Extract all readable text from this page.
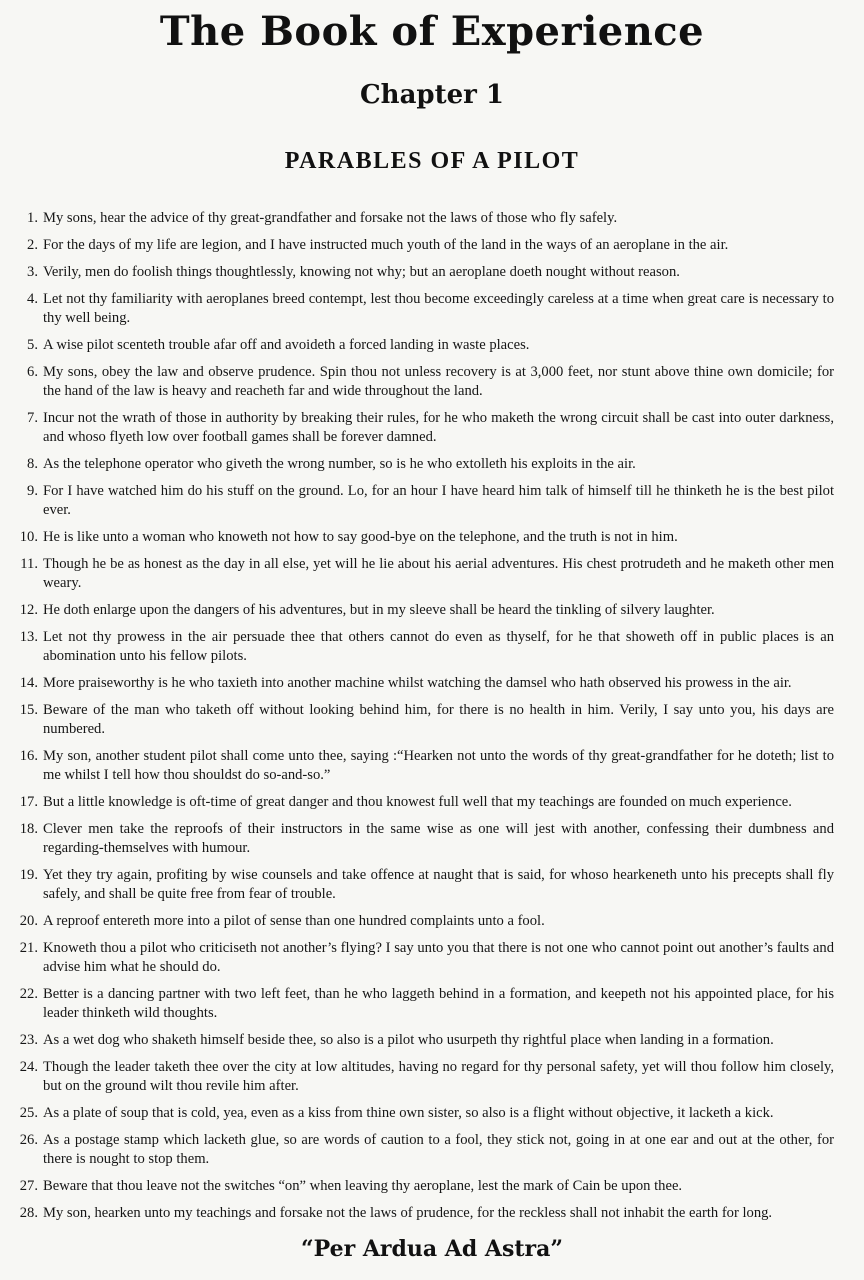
The Book of Experience
Chapter 1
PARABLES OF A PILOT
1. My sons, hear the advice of thy great-grandfather and forsake not the laws of those who fly safely.
2. For the days of my life are legion, and I have instructed much youth of the land in the ways of an aeroplane in the air.
3. Verily, men do foolish things thoughtlessly, knowing not why; but an aeroplane doeth nought without reason.
4. Let not thy familiarity with aeroplanes breed contempt, lest thou become exceedingly careless at a time when great care is necessary to thy well being.
5. A wise pilot scenteth trouble afar off and avoideth a forced landing in waste places.
6. My sons, obey the law and observe prudence. Spin thou not unless recovery is at 3,000 feet, nor stunt above thine own domicile; for the hand of the law is heavy and reacheth far and wide throughout the land.
7. Incur not the wrath of those in authority by breaking their rules, for he who maketh the wrong circuit shall be cast into outer darkness, and whoso flyeth low over football games shall be forever damned.
8. As the telephone operator who giveth the wrong number, so is he who extolleth his exploits in the air.
9. For I have watched him do his stuff on the ground. Lo, for an hour I have heard him talk of himself till he thinketh he is the best pilot ever.
10. He is like unto a woman who knoweth not how to say good-bye on the telephone, and the truth is not in him.
11. Though he be as honest as the day in all else, yet will he lie about his aerial adventures. His chest protrudeth and he maketh other men weary.
12. He doth enlarge upon the dangers of his adventures, but in my sleeve shall be heard the tinkling of silvery laughter.
13. Let not thy prowess in the air persuade thee that others cannot do even as thyself, for he that showeth off in public places is an abomination unto his fellow pilots.
14. More praiseworthy is he who taxieth into another machine whilst watching the damsel who hath observed his prowess in the air.
15. Beware of the man who taketh off without looking behind him, for there is no health in him. Verily, I say unto you, his days are numbered.
16. My son, another student pilot shall come unto thee, saying :“Hearken not unto the words of thy great-grandfather for he doteth; list to me whilst I tell how thou shouldst do so-and-so.”
17. But a little knowledge is oft-time of great danger and thou knowest full well that my teachings are founded on much experience.
18. Clever men take the reproofs of their instructors in the same wise as one will jest with another, confessing their dumbness and regarding-themselves with humour.
19. Yet they try again, profiting by wise counsels and take offence at naught that is said, for whoso hearkeneth unto his precepts shall fly safely, and shall be quite free from fear of trouble.
20. A reproof entereth more into a pilot of sense than one hundred complaints unto a fool.
21. Knoweth thou a pilot who criticiseth not another’s flying? I say unto you that there is not one who cannot point out another’s faults and advise him what he should do.
22. Better is a dancing partner with two left feet, than he who laggeth behind in a formation, and keepeth not his appointed place, for his leader thinketh wild thoughts.
23. As a wet dog who shaketh himself beside thee, so also is a pilot who usurpeth thy rightful place when landing in a formation.
24. Though the leader taketh thee over the city at low altitudes, having no regard for thy personal safety, yet will thou follow him closely, but on the ground wilt thou revile him after.
25. As a plate of soup that is cold, yea, even as a kiss from thine own sister, so also is a flight without objective, it lacketh a kick.
26. As a postage stamp which lacketh glue, so are words of caution to a fool, they stick not, going in at one ear and out at the other, for there is nought to stop them.
27. Beware that thou leave not the switches “on” when leaving thy aeroplane, lest the mark of Cain be upon thee.
28. My son, hearken unto my teachings and forsake not the laws of prudence, for the reckless shall not inhabit the earth for long.
“Per Ardua Ad Astra”
